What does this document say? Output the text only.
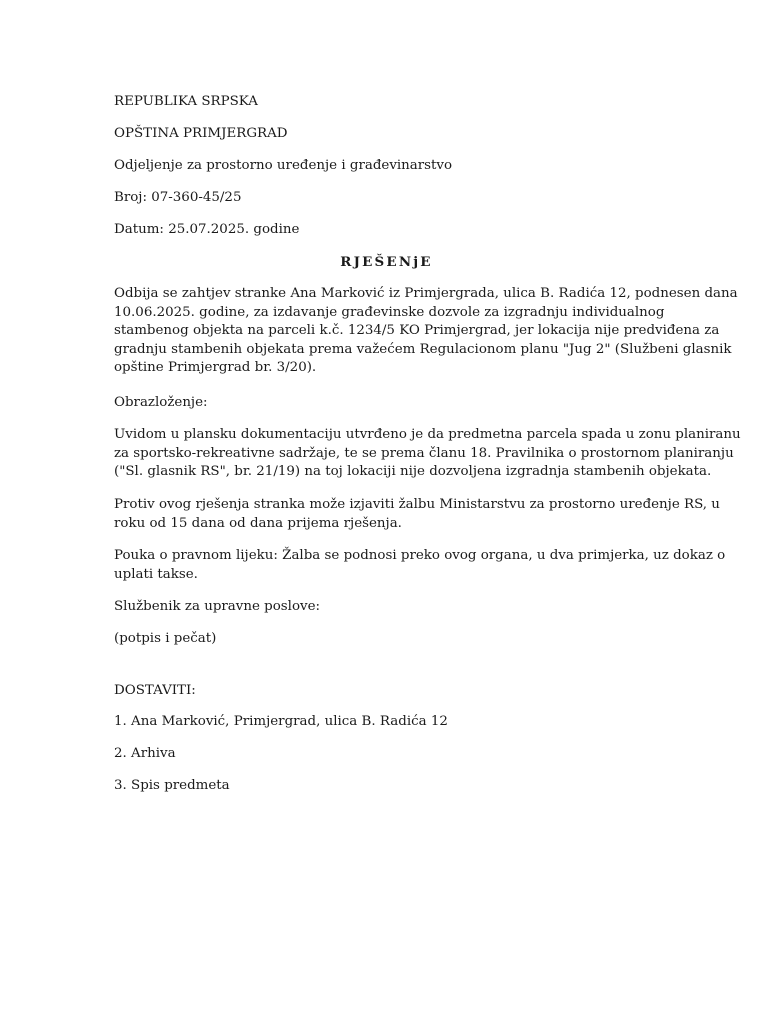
REPUBLIKA SRPSKA
OPŠTINA PRIMJERGRAD
Odjeljenje za prostorno uređenje i građevinarstvo
Broj: 07-360-45/25
Datum: 25.07.2025. godine
RJEŠENjE
Odbija se zahtjev stranke Ana Marković iz Primjergrada, ulica B. Radića 12, podnesen dana
10.06.2025. godine, za izdavanje građevinske dozvole za izgradnju individualnog
stambenog objekta na parceli k.č. 1234/5 KO Primjergrad, jer lokacija nije predviđena za
gradnju stambenih objekata prema važećem Regulacionom planu "Jug 2" (Službeni glasnik
opštine Primjergrad br. 3/20).
Obrazloženje:
Uvidom u plansku dokumentaciju utvrđeno je da predmetna parcela spada u zonu planiranu
za sportsko-rekreativne sadržaje, te se prema članu 18. Pravilnika o prostornom planiranju
("Sl. glasnik RS", br. 21/19) na toj lokaciji nije dozvoljena izgradnja stambenih objekata.
Protiv ovog rješenja stranka može izjaviti žalbu Ministarstvu za prostorno uređenje RS, u
roku od 15 dana od dana prijema rješenja.
Pouka o pravnom lijeku: Žalba se podnosi preko ovog organa, u dva primjerka, uz dokaz o
uplati takse.
Službenik za upravne poslove:
(potpis i pečat)
DOSTAVITI:
1. Ana Marković, Primjergrad, ulica B. Radića 12
2. Arhiva
3. Spis predmeta
